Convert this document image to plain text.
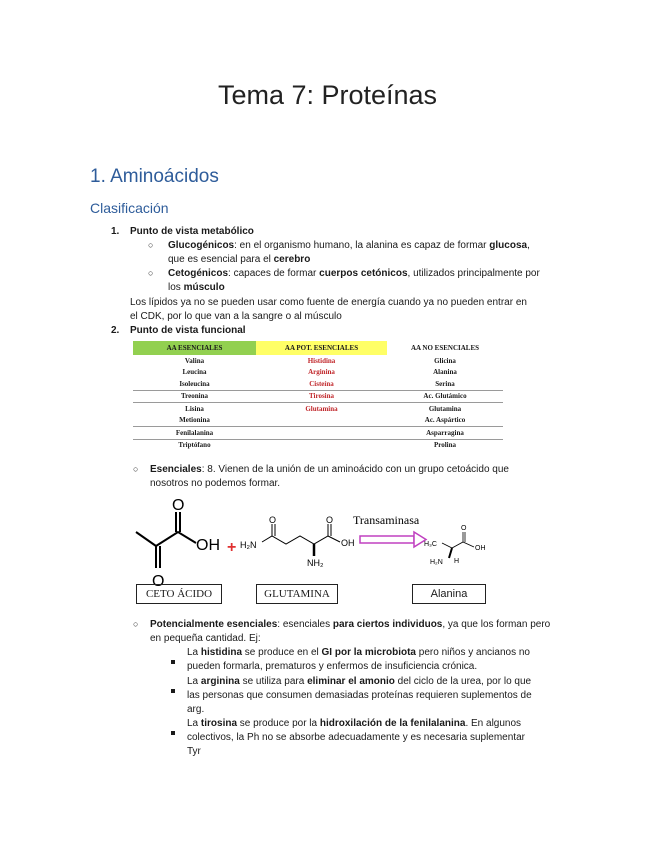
Tema 7: Proteínas
1. Aminoácidos
Clasificación
1. Punto de vista metabólico
○ Glucogénicos: en el organismo humano, la alanina es capaz de formar glucosa,
que es esencial para el cerebro
○ Cetogénicos: capaces de formar cuerpos cetónicos, utilizados principalmente por
los músculo
Los lípidos ya no se pueden usar como fuente de energía cuando ya no pueden entrar en
el CDK, por lo que van a la sangre o al músculo
2. Punto de vista funcional
AA ESENCIALES	AA POT. ESENCIALES	AA NO ESENCIALES
Valina	Histidina	Glicina
Leucina	Arginina	Alanina
Isoleucina	Cisteína	Serina
Treonina	Tirosina	Ac. Glutámico
Lisina	Glutamina	Glutamina
Metionina		Ac. Aspártico
Fenilalanina		Asparragina
Triptófano		Prolina
○ Esenciales: 8. Vienen de la unión de un aminoácido con un grupo cetoácido que
nosotros no podemos formar.
O
OH
O
+
O	O
H₂N	OH
NH₂
Transaminasa
O
OH
H₃C
H₂N H
CETO ÁCIDO	GLUTAMINA	Alanina
○ Potencialmente esenciales: esenciales para ciertos individuos, ya que los forman pero
en pequeña cantidad. Ej:
La histidina se produce en el GI por la microbiota pero niños y ancianos no
pueden formarla, prematuros y enfermos de insuficiencia crónica.
La arginina se utiliza para eliminar el amonio del ciclo de la urea, por lo que
las personas que consumen demasiadas proteínas requieren suplementos de
arg.
La tirosina se produce por la hidroxilación de la fenilalanina. En algunos
colectivos, la Ph no se absorbe adecuadamente y es necesaria suplementar
Tyr
